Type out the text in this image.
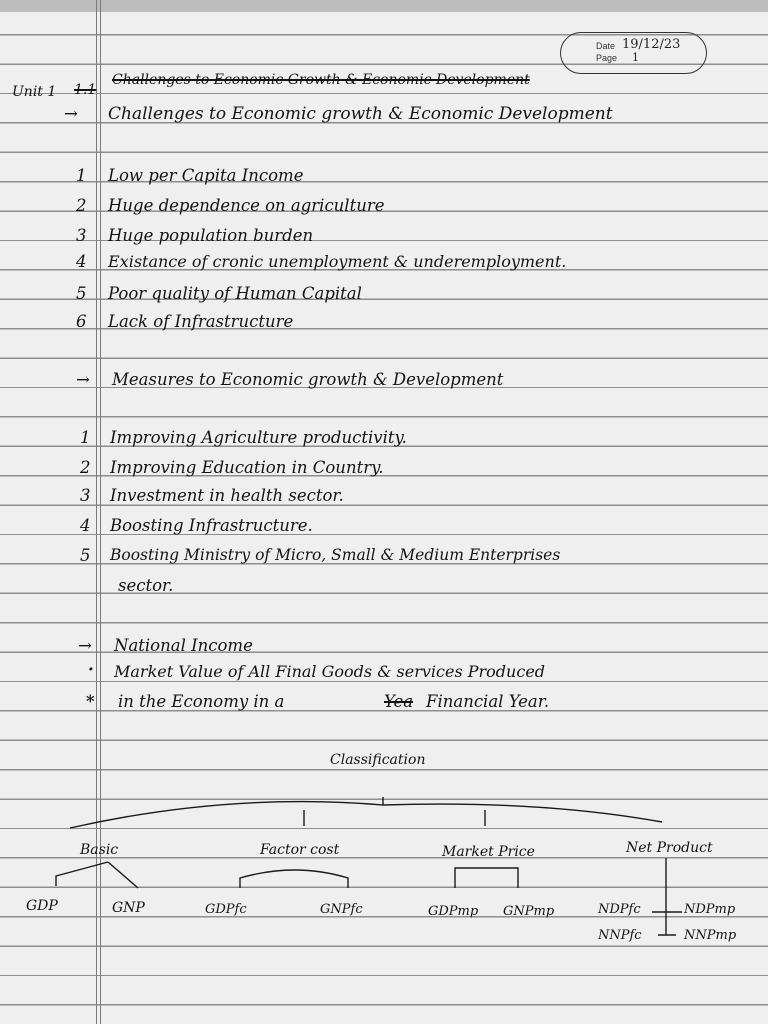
Date 19/12/23
Page 1
Unit 1 1.1
Challenges to Economic Growth & Economic Development
→ Challenges to Economic growth & Economic Development
1 Low per Capita Income
2 Huge dependence on agriculture
3 Huge population burden
4 Existance of cronic unemployment & underemployment.
5 Poor quality of Human Capital
6 Lack of Infrastructure
→ Measures to Economic growth & Development
1 Improving Agriculture productivity.
2 Improving Education in Country.
3 Investment in health sector.
4 Boosting Infrastructure.
5 Boosting Ministry of Micro, Small & Medium Enterprises
sector.
→ National Income
· Market Value of All Final Goods & services Produced
* in the Economy in a	Yea Financial Year.
Classification
Basic	Factor cost	Market Price	Net Product
GDP	GNP	GDPfc	GNPfc	GDPmp GNPmp	NDPfc	NDPmp
NNPfc	NNPmp
